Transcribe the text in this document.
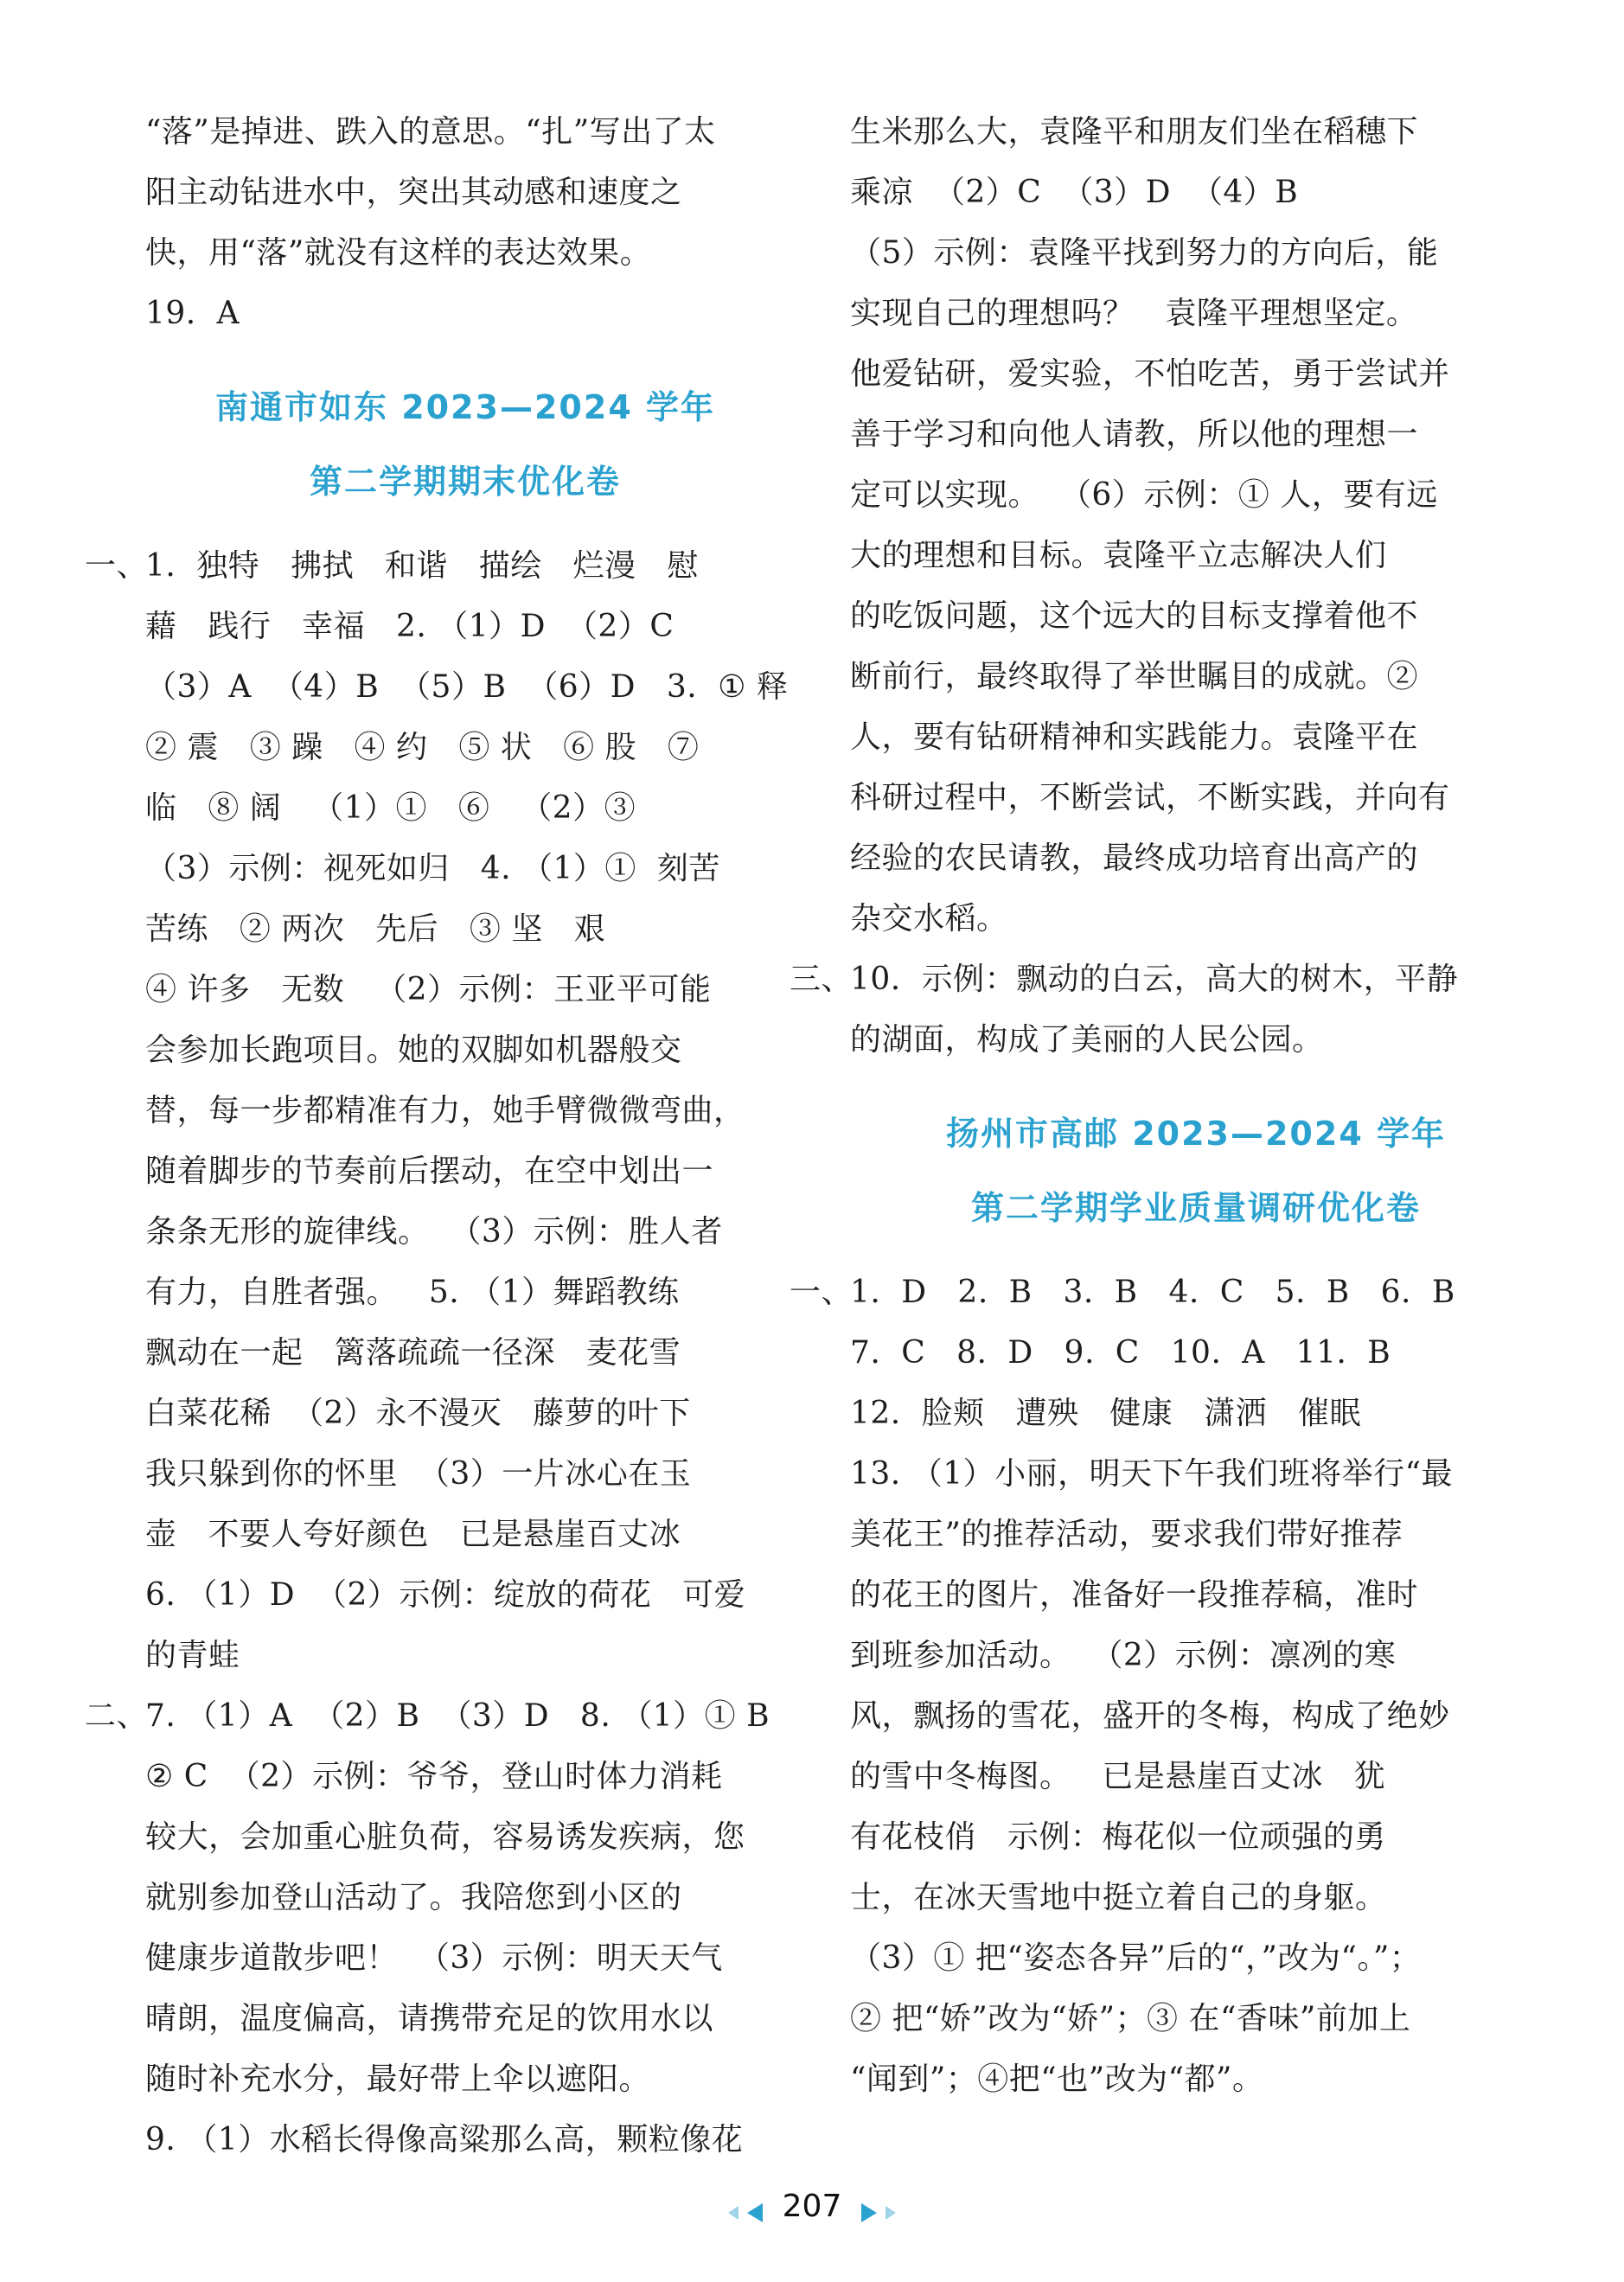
“落”是掉进、跌入的意思。“扎”写出了太
阳主动钻进水中，突出其动感和速度之
快，用“落”就没有这样的表达效果。
19.  A
南通市如东 2023—2024 学年
第二学期期末优化卷
一、
1.  独特   拂拭   和谐   描绘   烂漫   慰
藉   践行   幸福   2. （1）D  （2）C
（3）A  （4）B  （5）B  （6）D   3.  ① 释
② 震   ③ 躁   ④ 约   ⑤ 状   ⑥ 股   ⑦
临   ⑧ 阔   （1）①   ⑥   （2）③
（3）示例：视死如归   4. （1）①  刻苦
苦练   ② 两次   先后   ③ 坚   艰
④ 许多   无数   （2）示例：王亚平可能
会参加长跑项目。她的双脚如机器般交
替，每一步都精准有力，她手臂微微弯曲，
随着脚步的节奏前后摆动，在空中划出一
条条无形的旋律线。  （3）示例：胜人者
有力，自胜者强。   5. （1）舞蹈教练
飘动在一起   篱落疏疏一径深   麦花雪
白菜花稀  （2）永不漫灭   藤萝的叶下
我只躲到你的怀里  （3）一片冰心在玉
壶   不要人夸好颜色   已是悬崖百丈冰
6. （1）D  （2）示例：绽放的荷花   可爱
的青蛙
二、
7. （1）A  （2）B  （3）D   8. （1）① B
② C  （2）示例：爷爷，登山时体力消耗
较大，会加重心脏负荷，容易诱发疾病，您
就别参加登山活动了。我陪您到小区的
健康步道散步吧！  （3）示例：明天天气
晴朗，温度偏高，请携带充足的饮用水以
随时补充水分，最好带上伞以遮阳。
9. （1）水稻长得像高粱那么高，颗粒像花
生米那么大，袁隆平和朋友们坐在稻穗下
乘凉  （2）C  （3）D  （4）B
（5）示例：袁隆平找到努力的方向后，能
实现自己的理想吗？   袁隆平理想坚定。
他爱钻研，爱实验，不怕吃苦，勇于尝试并
善于学习和向他人请教，所以他的理想一
定可以实现。  （6）示例：① 人，要有远
大的理想和目标。袁隆平立志解决人们
的吃饭问题，这个远大的目标支撑着他不
断前行，最终取得了举世瞩目的成就。②
人，要有钻研精神和实践能力。袁隆平在
科研过程中，不断尝试，不断实践，并向有
经验的农民请教，最终成功培育出高产的
杂交水稻。
三、
10.  示例：飘动的白云，高大的树木，平静
的湖面，构成了美丽的人民公园。
扬州市高邮 2023—2024 学年
第二学期学业质量调研优化卷
一、
1.  D   2.  B   3.  B   4.  C   5.  B   6.  B
7.  C   8.  D   9.  C   10.  A   11.  B
12.  脸颊   遭殃   健康   潇洒   催眠
13. （1）小丽，明天下午我们班将举行“最
美花王”的推荐活动，要求我们带好推荐
的花王的图片，准备好一段推荐稿，准时
到班参加活动。  （2）示例：凛冽的寒
风，飘扬的雪花，盛开的冬梅，构成了绝妙
的雪中冬梅图。   已是悬崖百丈冰   犹
有花枝俏   示例：梅花似一位顽强的勇
士，在冰天雪地中挺立着自己的身躯。
（3）① 把“姿态各异”后的“，”改为“。”；
② 把“娇”改为“娇”；③ 在“香味”前加上
“闻到”；④把“也”改为“都”。
207
